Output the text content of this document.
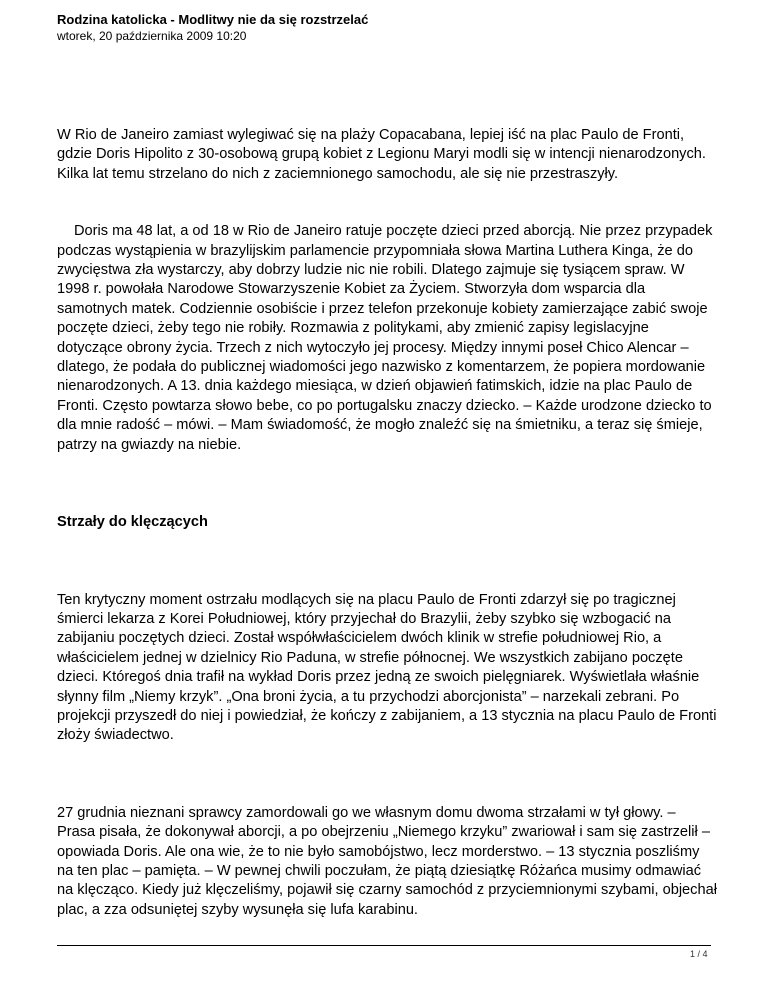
Rodzina katolicka - Modlitwy nie da się rozstrzelać

wtorek, 20 października 2009 10:20

W Rio de Janeiro zamiast wylegiwać się na plaży Copacabana, lepiej iść na plac Paulo de Fronti, gdzie Doris Hipolito z 30-osobową grupą kobiet z Legionu Maryi modli się w intencji nienarodzonych. Kilka lat temu strzelano do nich z zaciemnionego samochodu, ale się nie przestraszyły.

Doris ma 48 lat, a od 18 w Rio de Janeiro ratuje poczęte dzieci przed aborcją. Nie przez przypadek podczas wystąpienia w brazylijskim parlamencie przypomniała słowa Martina Luthera Kinga, że do zwycięstwa zła wystarczy, aby dobrzy ludzie nic nie robili. Dlatego zajmuje się tysiącem spraw. W 1998 r. powołała Narodowe Stowarzyszenie Kobiet za Życiem. Stworzyła dom wsparcia dla samotnych matek. Codziennie osobiście i przez telefon przekonuje kobiety zamierzające zabić swoje poczęte dzieci, żeby tego nie robiły. Rozmawia z politykami, aby zmienić zapisy legislacyjne dotyczące obrony życia. Trzech z nich wytoczyło jej procesy. Między innymi poseł Chico Alencar – dlatego, że podała do publicznej wiadomości jego nazwisko z komentarzem, że popiera mordowanie nienarodzonych. A 13. dnia każdego miesiąca, w dzień objawień fatimskich, idzie na plac Paulo de Fronti. Często powtarza słowo bebe, co po portugalsku znaczy dziecko. – Każde urodzone dziecko to dla mnie radość – mówi. – Mam świadomość, że mogło znaleźć się na śmietniku, a teraz się śmieje, patrzy na gwiazdy na niebie.

Strzały do klęczących

Ten krytyczny moment ostrzału modlących się na placu Paulo de Fronti zdarzył się po tragicznej śmierci lekarza z Korei Południowej, który przyjechał do Brazylii, żeby szybko się wzbogacić na zabijaniu poczętych dzieci. Został współwłaścicielem dwóch klinik w strefie południowej Rio, a właścicielem jednej w dzielnicy Rio Paduna, w strefie północnej. We wszystkich zabijano poczęte dzieci. Któregoś dnia trafił na wykład Doris przez jedną ze swoich pielęgniarek. Wyświetlała właśnie słynny film „Niemy krzyk”. „Ona broni życia, a tu przychodzi aborcjonista” – narzekali zebrani. Po projekcji przyszedł do niej i powiedział, że kończy z zabijaniem, a 13 stycznia na placu Paulo de Fronti złoży świadectwo.

27 grudnia nieznani sprawcy zamordowali go we własnym domu dwoma strzałami w tył głowy. – Prasa pisała, że dokonywał aborcji, a po obejrzeniu „Niemego krzyku” zwariował i sam się zastrzelił – opowiada Doris. Ale ona wie, że to nie było samobójstwo, lecz morderstwo. – 13 stycznia poszliśmy na ten plac – pamięta. – W pewnej chwili poczułam, że piątą dziesiątkę Różańca musimy odmawiać na klęcząco. Kiedy już klęczeliśmy, pojawił się czarny samochód z przyciemnionymi szybami, objechał plac, a zza odsuniętej szyby wysunęła się lufa karabinu.

1 / 4
